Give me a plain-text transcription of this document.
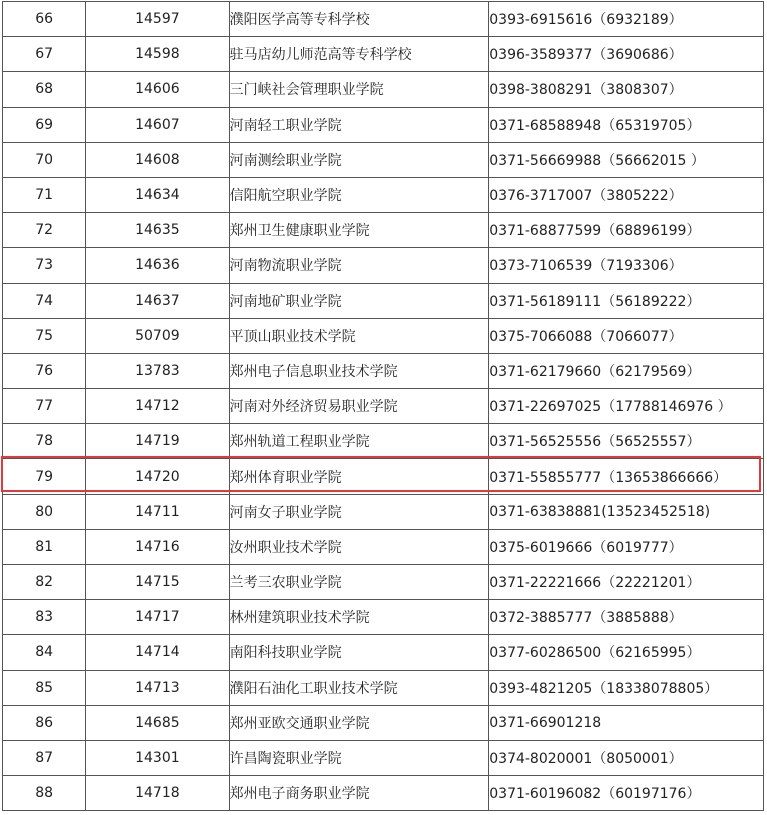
66	14597	濮阳医学高等专科学校	0393-6915616（6932189）
67	14598	驻马店幼儿师范高等专科学校	0396-3589377（3690686）
68	14606	三门峡社会管理职业学院	0398-3808291（3808307）
69	14607	河南轻工职业学院	0371-68588948（65319705）
70	14608	河南测绘职业学院	0371-56669988（56662015 ）
71	14634	信阳航空职业学院	0376-3717007（3805222）
72	14635	郑州卫生健康职业学院	0371-68877599（68896199）
73	14636	河南物流职业学院	0373-7106539（7193306）
74	14637	河南地矿职业学院	0371-56189111（56189222）
75	50709	平顶山职业技术学院	0375-7066088（7066077）
76	13783	郑州电子信息职业技术学院	0371-62179660（62179569）
77	14712	河南对外经济贸易职业学院	0371-22697025（17788146976 ）
78	14719	郑州轨道工程职业学院	0371-56525556（56525557）
79	14720	郑州体育职业学院	0371-55855777（13653866666）
80	14711	河南女子职业学院	0371-63838881(13523452518)
81	14716	汝州职业技术学院	0375-6019666（6019777）
82	14715	兰考三农职业学院	0371-22221666（22221201）
83	14717	林州建筑职业技术学院	0372-3885777（3885888）
84	14714	南阳科技职业学院	0377-60286500（62165995）
85	14713	濮阳石油化工职业技术学院	0393-4821205（18338078805）
86	14685	郑州亚欧交通职业学院	0371-66901218
87	14301	许昌陶瓷职业学院	0374-8020001（8050001）
88	14718	郑州电子商务职业学院	0371-60196082（60197176）
